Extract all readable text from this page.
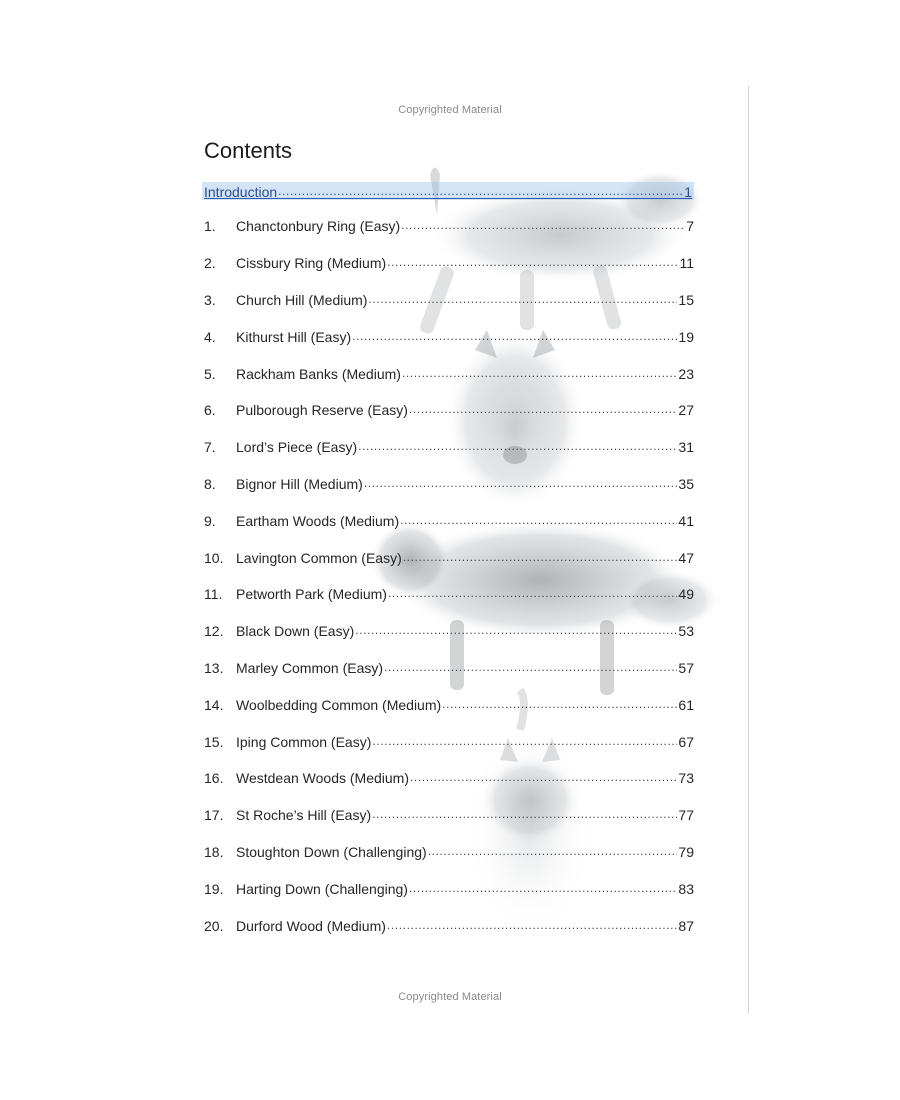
Copyrighted Material
Contents
Introduction .....	1
1.	Chanctonbury Ring (Easy) .....	7
2.	Cissbury Ring (Medium) .....	11
3.	Church Hill (Medium) .....	15
4.	Kithurst Hill (Easy) .....	19
5.	Rackham Banks (Medium) .....	23
6.	Pulborough Reserve (Easy) .....	27
7.	Lord’s Piece (Easy) .....	31
8.	Bignor Hill (Medium) .....	35
9.	Eartham Woods (Medium) .....	41
10. Lavington Common (Easy) .....	47
11. Petworth Park (Medium) .....	49
12. Black Down (Easy) .....	53
13. Marley Common (Easy) .....	57
14. Woolbedding Common (Medium) .....	61
15. Iping Common (Easy) .....	67
16. Westdean Woods (Medium) .....	73
17. St Roche’s Hill (Easy) .....	77
18. Stoughton Down (Challenging) .....	79
19. Harting Down (Challenging) .....	83
20. Durford Wood (Medium) .....	87
Copyrighted Material
